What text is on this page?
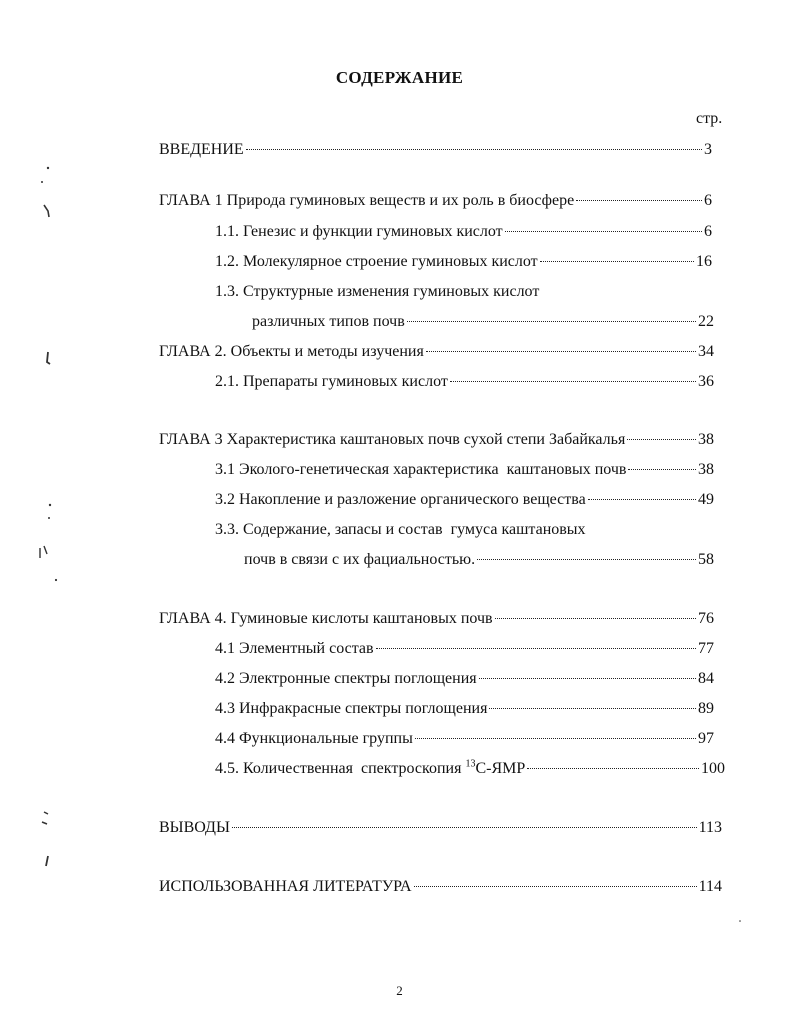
СОДЕРЖАНИЕ
стр.
ВВЕДЕНИЕ	3
ГЛАВА 1 Природа гуминовых веществ и их роль в биосфере	6
1.1. Генезис и функции гуминовых кислот	6
1.2. Молекулярное строение гуминовых кислот	16
1.3. Структурные изменения гуминовых кислот
различных типов почв	22
ГЛАВА 2. Объекты и методы изучения	34
2.1. Препараты гуминовых кислот	36
ГЛАВА 3 Характеристика каштановых почв сухой степи Забайкалья	38
3.1 Эколого-генетическая характеристика  каштановых почв	38
3.2 Накопление и разложение органического вещества	49
3.3. Содержание, запасы и состав  гумуса каштановых
почв в связи с их фациальностью.	58
ГЛАВА 4. Гуминовые кислоты каштановых почв	76
4.1 Элементный состав	77
4.2 Электронные спектры поглощения	84
4.3 Инфракрасные спектры поглощения	89
4.4 Функциональные группы	97
4.5. Количественная  спектроскопия $^{13}$С-ЯМР	100
ВЫВОДЫ	113
ИСПОЛЬЗОВАННАЯ ЛИТЕРАТУРА	114
2
